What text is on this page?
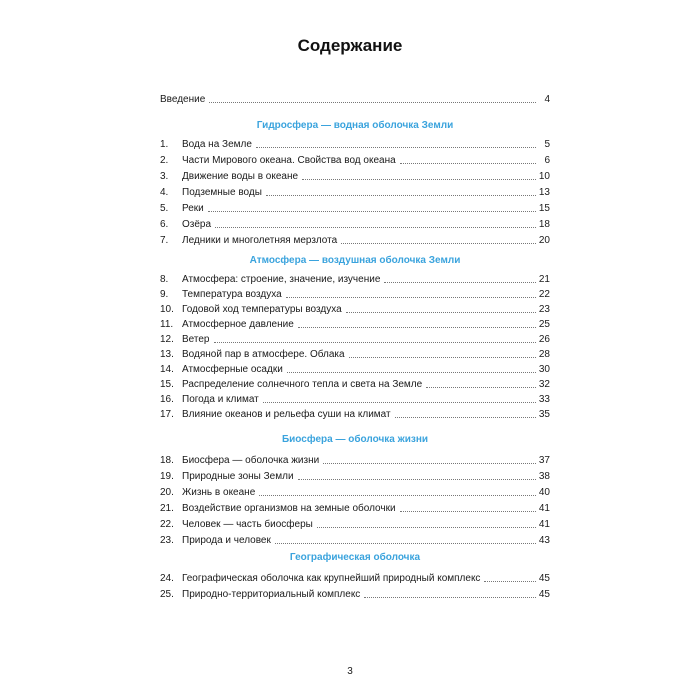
Содержание
Введение	4
Гидросфера — водная оболочка Земли
1.	Вода на Земле	5
2.	Части Мирового океана. Свойства вод океана	6
3.	Движение воды в океане	10
4.	Подземные воды	13
5.	Реки	15
6.	Озёра	18
7.	Ледники и многолетняя мерзлота	20
Атмосфера — воздушная оболочка Земли
8.	Атмосфера: строение, значение, изучение	21
9.	Температура воздуха	22
10. Годовой ход температуры воздуха	23
11. Атмосферное давление	25
12. Ветер	26
13. Водяной пар в атмосфере. Облака	28
14. Атмосферные осадки	30
15. Распределение солнечного тепла и света на Земле	32
16. Погода и климат	33
17. Влияние океанов и рельефа суши на климат	35
Биосфера — оболочка жизни
18. Биосфера — оболочка жизни	37
19. Природные зоны Земли	38
20. Жизнь в океане	40
21. Воздействие организмов на земные оболочки	41
22. Человек — часть биосферы	41
23. Природа и человек	43
Географическая оболочка
24. Географическая оболочка как крупнейший природный комплекс	45
25. Природно-территориальный комплекс	45
3
